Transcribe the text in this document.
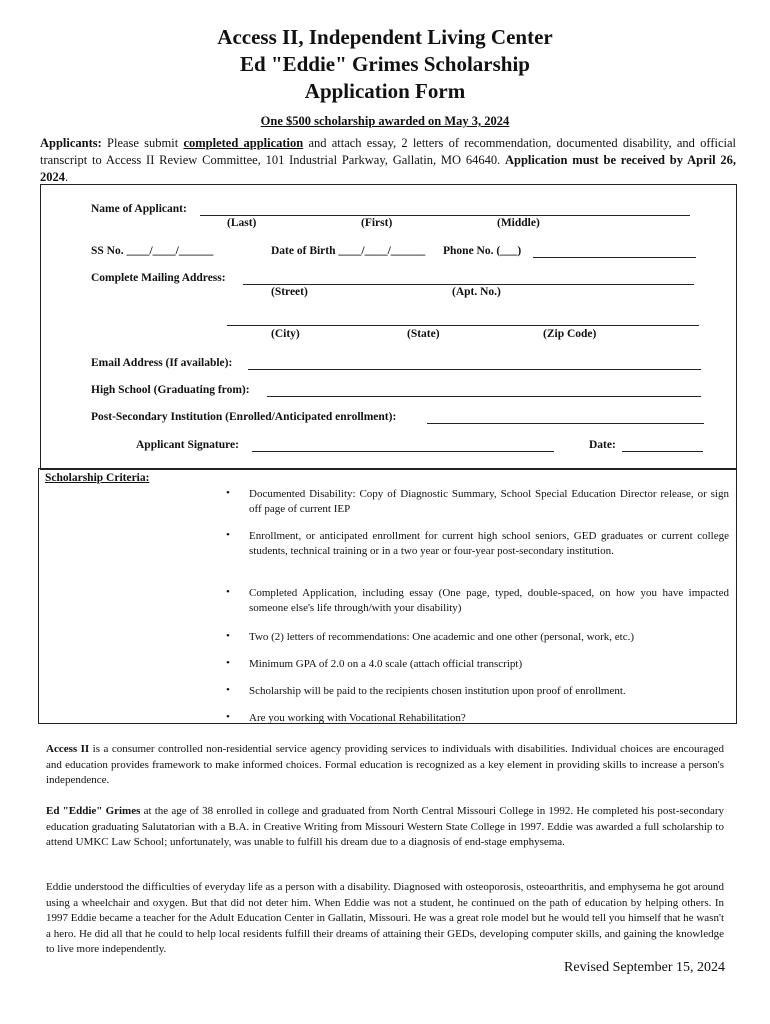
Access II, Independent Living Center
Ed "Eddie" Grimes Scholarship
Application Form
One $500 scholarship awarded on May 3, 2024
Applicants: Please submit completed application and attach essay, 2 letters of recommendation, documented disability, and official transcript to Access II Review Committee, 101 Industrial Parkway, Gallatin, MO 64640. Application must be received by April 26, 2024.
Name of Applicant:
(Last)	(First)	(Middle)
SS No. ____/____/______	Date of Birth ____/____/______ Phone No. (___)
Complete Mailing Address:
(Street)	(Apt. No.)
(City)	(State)	(Zip Code)
Email Address (If available):
High School (Graduating from):
Post-Secondary Institution (Enrolled/Anticipated enrollment):
Applicant Signature:	Date:
Scholarship Criteria:
• Documented Disability: Copy of Diagnostic Summary, School Special Education Director release, or sign off page of current IEP
• Enrollment, or anticipated enrollment for current high school seniors, GED graduates or current college students, technical training or in a two year or four-year post-secondary institution.
• Completed Application, including essay (One page, typed, double-spaced, on how you have impacted someone else's life through/with your disability)
• Two (2) letters of recommendations: One academic and one other (personal, work, etc.)
• Minimum GPA of 2.0 on a 4.0 scale (attach official transcript)
• Scholarship will be paid to the recipients chosen institution upon proof of enrollment.
• Are you working with Vocational Rehabilitation?
Access II is a consumer controlled non-residential service agency providing services to individuals with disabilities. Individual choices are encouraged and education provides framework to make informed choices. Formal education is recognized as a key element in providing skills to increase a person's independence.
Ed "Eddie" Grimes at the age of 38 enrolled in college and graduated from North Central Missouri College in 1992. He completed his post-secondary education graduating Salutatorian with a B.A. in Creative Writing from Missouri Western State College in 1997. Eddie was awarded a full scholarship to attend UMKC Law School; unfortunately, was unable to fulfill his dream due to a diagnosis of end-stage emphysema.
Eddie understood the difficulties of everyday life as a person with a disability. Diagnosed with osteoporosis, osteoarthritis, and emphysema he got around using a wheelchair and oxygen. But that did not deter him. When Eddie was not a student, he continued on the path of education by helping others. In 1997 Eddie became a teacher for the Adult Education Center in Gallatin, Missouri. He was a great role model but he would tell you himself that he wasn't a hero. He did all that he could to help local residents fulfill their dreams of attaining their GEDs, developing computer skills, and gaining the knowledge to live more independently.
Revised September 15, 2024
